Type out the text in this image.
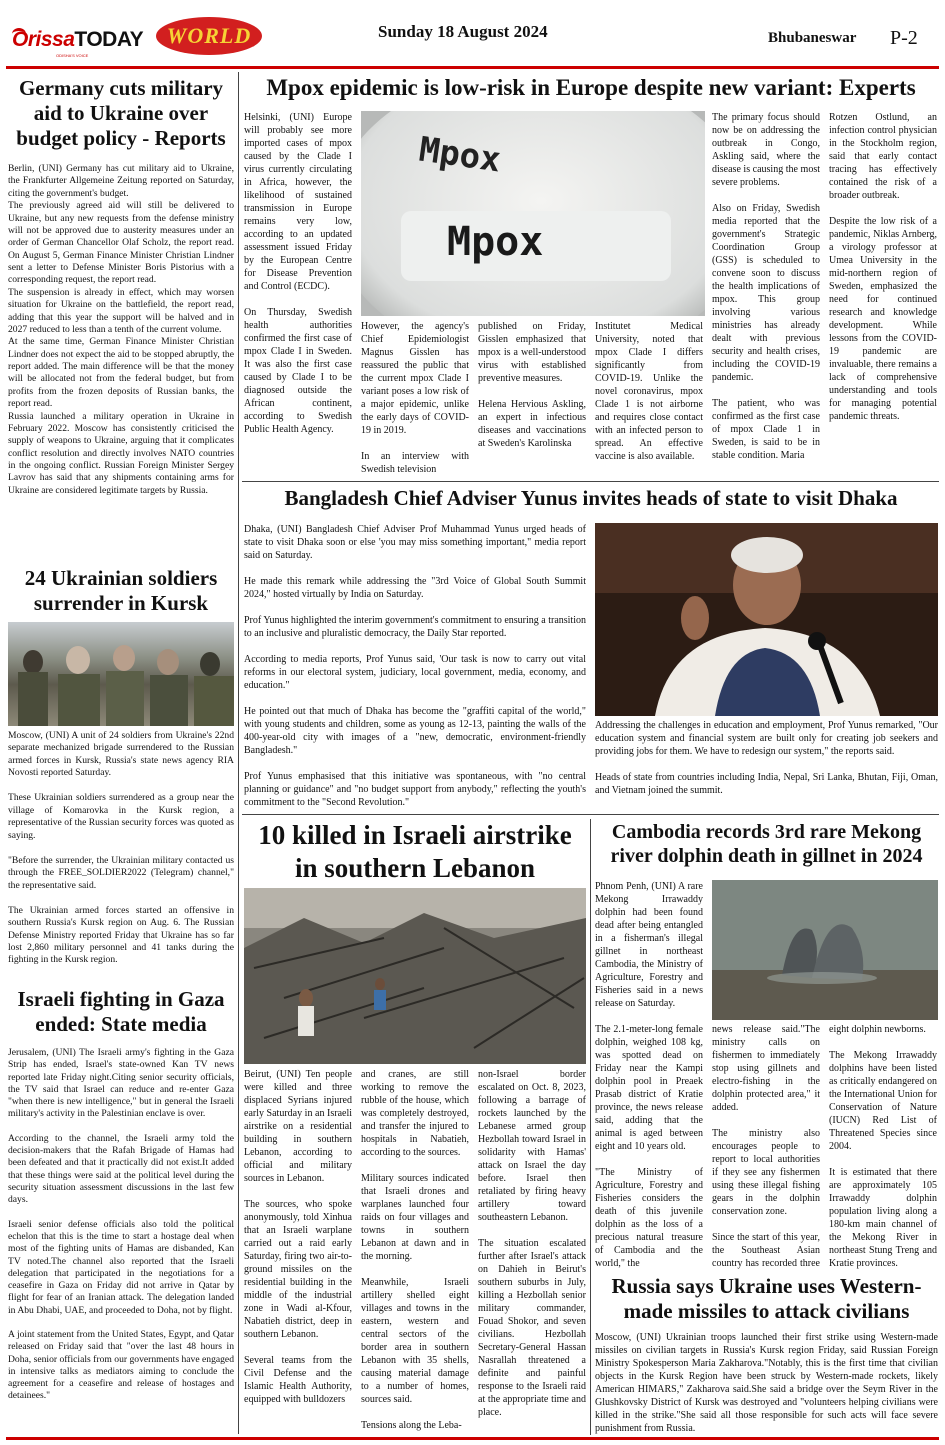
OrissaTODAY
ODISHA'S VOICE
WORLD	Sunday 18 August 2024	Bhubaneswar P-2
Germany cuts military aid to Ukraine over budget policy - Reports
Berlin, (UNI) Germany has cut military aid to Ukraine, the Frankfurter Allgemeine Zeitung reported on Saturday, citing the government's budget.
The previously agreed aid will still be delivered to Ukraine, but any new requests from the defense ministry will not be approved due to austerity measures under an order of German Chancellor Olaf Scholz, the report read. On August 5, German Finance Minister Christian Lindner sent a letter to Defense Minister Boris Pistorius with a corresponding request, the report read.
The suspension is already in effect, which may worsen situation for Ukraine on the battlefield, the report read, adding that this year the support will be halved and in 2027 reduced to less than a tenth of the current volume.
At the same time, German Finance Minister Christian Lindner does not expect the aid to be stopped abruptly, the report added. The main difference will be that the money will be allocated not from the federal budget, but from profits from the frozen deposits of Russian banks, the report read.
Russia launched a military operation in Ukraine in February 2022. Moscow has consistently criticised the supply of weapons to Ukraine, arguing that it complicates conflict resolution and directly involves NATO countries in the ongoing conflict. Russian Foreign Minister Sergey Lavrov has said that any shipments containing arms for Ukraine are considered legitimate targets by Russia.
24 Ukrainian soldiers surrender in Kursk
Moscow, (UNI) A unit of 24 soldiers from Ukraine's 22nd separate mechanized brigade surrendered to the Russian armed forces in Kursk, Russia's state news agency RIA Novosti reported Saturday.

These Ukrainian soldiers surrendered as a group near the village of Komarovka in the Kursk region, a representative of the Russian security forces was quoted as saying.

"Before the surrender, the Ukrainian military contacted us through the FREE_SOLDIER2022 (Telegram) channel," the representative said.

The Ukrainian armed forces started an offensive in southern Russia's Kursk region on Aug. 6. The Russian Defense Ministry reported Friday that Ukraine has so far lost 2,860 military personnel and 41 tanks during the fighting in the Kursk region.
Israeli fighting in Gaza ended: State media
Jerusalem, (UNI) The Israeli army's fighting in the Gaza Strip has ended, Israel's state-owned Kan TV news reported late Friday night.Citing senior security officials, the TV said that Israel can reduce and re-enter Gaza "when there is new intelligence," but in general the Israeli military's activity in the Palestinian enclave is over.

According to the channel, the Israeli army told the decision-makers that the Rafah Brigade of Hamas had been defeated and that it practically did not exist.It added that these things were said at the political level during the security situation assessment discussions in the last few days.

Israeli senior defense officials also told the political echelon that this is the time to start a hostage deal when most of the fighting units of Hamas are disbanded, Kan TV noted.The channel also reported that the Israeli delegation that participated in the negotiations for a ceasefire in Gaza on Friday did not arrive in Qatar by flight for fear of an Iranian attack. The delegation landed in Abu Dhabi, UAE, and proceeded to Doha, not by flight.

A joint statement from the United States, Egypt, and Qatar released on Friday said that "over the last 48 hours in Doha, senior officials from our governments have engaged in intensive talks as mediators aiming to conclude the agreement for a ceasefire and release of hostages and detainees."
Mpox epidemic is low-risk in Europe despite new variant: Experts
Helsinki, (UNI) Europe will probably see more imported cases of mpox caused by the Clade I virus currently circulating in Africa, however, the likelihood of sustained transmission in Europe remains very low, according to an updated assessment issued Friday by the European Centre for Disease Prevention and Control (ECDC).

On Thursday, Swedish health authorities confirmed the first case of mpox Clade I in Sweden. It was also the first case caused by Clade I to be diagnosed outside the African continent, according to Swedish Public Health Agency.
Mpox
Mpox
However, the agency's Chief Epidemiologist Magnus Gisslen has reassured the public that the current mpox Clade I variant poses a low risk of a major epidemic, unlike the early days of COVID-19 in 2019.

In an interview with Swedish television
published on Friday, Gisslen emphasized that mpox is a well-understood virus with established preventive measures.

Helena Hervious Askling, an expert in infectious diseases and vaccinations at Sweden's Karolinska
Institutet Medical University, noted that mpox Clade I differs significantly from COVID-19. Unlike the novel coronavirus, mpox Clade 1 is not airborne and requires close contact with an infected person to spread. An effective vaccine is also available.
The primary focus should now be on addressing the outbreak in Congo, Askling said, where the disease is causing the most severe problems.

Also on Friday, Swedish media reported that the government's Strategic Coordination Group (GSS) is scheduled to convene soon to discuss the health implications of mpox. This group involving various ministries has already dealt with previous security and health crises, including the COVID-19 pandemic.

The patient, who was confirmed as the first case of mpox Clade 1 in Sweden, is said to be in stable condition. Maria
Rotzen Ostlund, an infection control physician in the Stockholm region, said that early contact tracing has effectively contained the risk of a broader outbreak.

Despite the low risk of a pandemic, Niklas Arnberg, a virology professor at Umea University in the mid-northern region of Sweden, emphasized the need for continued research and knowledge development. While lessons from the COVID-19 pandemic are invaluable, there remains a lack of comprehensive understanding and tools for managing potential pandemic threats.
Bangladesh Chief Adviser Yunus invites heads of state to visit Dhaka
Dhaka, (UNI) Bangladesh Chief Adviser Prof Muhammad Yunus urged heads of state to visit Dhaka soon or else 'you may miss something important," media report said on Saturday.

He made this remark while addressing the "3rd Voice of Global South Summit 2024," hosted virtually by India on Saturday.

Prof Yunus highlighted the interim government's commitment to ensuring a transition to an inclusive and pluralistic democracy, the Daily Star reported.

According to media reports, Prof Yunus said, 'Our task is now to carry out vital reforms in our electoral system, judiciary, local government, media, economy, and education."

He pointed out that much of Dhaka has become the "graffiti capital of the world," with young students and children, some as young as 12-13, painting the walls of the 400-year-old city with images of a "new, democratic, environment-friendly Bangladesh."

Prof Yunus emphasised that this initiative was spontaneous, with "no central planning or guidance" and "no budget support from anybody," reflecting the youth's commitment to the "Second Revolution."
Addressing the challenges in education and employment, Prof Yunus remarked, "Our education system and financial system are built only for creating job seekers and providing jobs for them. We have to redesign our system," the reports said.

Heads of state from countries including India, Nepal, Sri Lanka, Bhutan, Fiji, Oman, and Vietnam joined the summit.
10 killed in Israeli airstrike in southern Lebanon
Beirut, (UNI) Ten people were killed and three displaced Syrians injured early Saturday in an Israeli airstrike on a residential building in southern Lebanon, according to official and military sources in Lebanon.

The sources, who spoke anonymously, told Xinhua that an Israeli warplane carried out a raid early Saturday, firing two air-to-ground missiles on the residential building in the middle of the industrial zone in Wadi al-Kfour, Nabatieh district, deep in southern Lebanon.

Several teams from the Civil Defense and the Islamic Health Authority, equipped with bulldozers
and cranes, are still working to remove the rubble of the house, which was completely destroyed, and transfer the injured to hospitals in Nabatieh, according to the sources.

Military sources indicated that Israeli drones and warplanes launched four raids on four villages and towns in southern Lebanon at dawn and in the morning.

Meanwhile, Israeli artillery shelled eight villages and towns in the eastern, western and central sectors of the border area in southern Lebanon with 35 shells, causing material damage to a number of homes, sources said.

Tensions along the Leba-
non-Israel border escalated on Oct. 8, 2023, following a barrage of rockets launched by the Lebanese armed group Hezbollah toward Israel in solidarity with Hamas' attack on Israel the day before. Israel then retaliated by firing heavy artillery toward southeastern Lebanon.

The situation escalated further after Israel's attack on Dahieh in Beirut's southern suburbs in July, killing a Hezbollah senior military commander, Fouad Shokor, and seven civilians. Hezbollah Secretary-General Hassan Nasrallah threatened a definite and painful response to the Israeli raid at the appropriate time and place.
Cambodia records 3rd rare Mekong river dolphin death in gillnet in 2024
Phnom Penh, (UNI) A rare Mekong Irrawaddy dolphin had been found dead after being entangled in a fisherman's illegal gillnet in northeast Cambodia, the Ministry of Agriculture, Forestry and Fisheries said in a news release on Saturday.

The 2.1-meter-long female dolphin, weighed 108 kg, was spotted dead on Friday near the Kampi dolphin pool in Preaek Prasab district of Kratie province, the news release said, adding that the animal is aged between eight and 10 years old.

"The Ministry of Agriculture, Forestry and Fisheries considers the death of this juvenile dolphin as the loss of a precious natural treasure of Cambodia and the world," the
news release said."The ministry calls on fishermen to immediately stop using gillnets and electro-fishing in the dolphin protected area," it added.

The ministry also encourages people to report to local authorities if they see any fishermen using these illegal fishing gears in the dolphin conservation zone.

Since the start of this year, the Southeast Asian country has recorded three
eight dolphin newborns.

The Mekong Irrawaddy dolphins have been listed as critically endangered on the International Union for Conservation of Nature (IUCN) Red List of Threatened Species since 2004.

It is estimated that there are approximately 105 Irrawaddy dolphin population living along a 180-km main channel of the Mekong River in northeast Stung Treng and Kratie provinces.
Russia says Ukraine uses Western-made missiles to attack civilians
Moscow, (UNI) Ukrainian troops launched their first strike using Western-made missiles on civilian targets in Russia's Kursk region Friday, said Russian Foreign Ministry Spokesperson Maria Zakharova."Notably, this is the first time that civilian objects in the Kursk Region have been struck by Western-made rockets, likely American HIMARS," Zakharova said.She said a bridge over the Seym River in the Glushkovsky District of Kursk was destroyed and "volunteers helping civilians were killed in the strike."She said all those responsible for such acts will face severe punishment from Russia.
